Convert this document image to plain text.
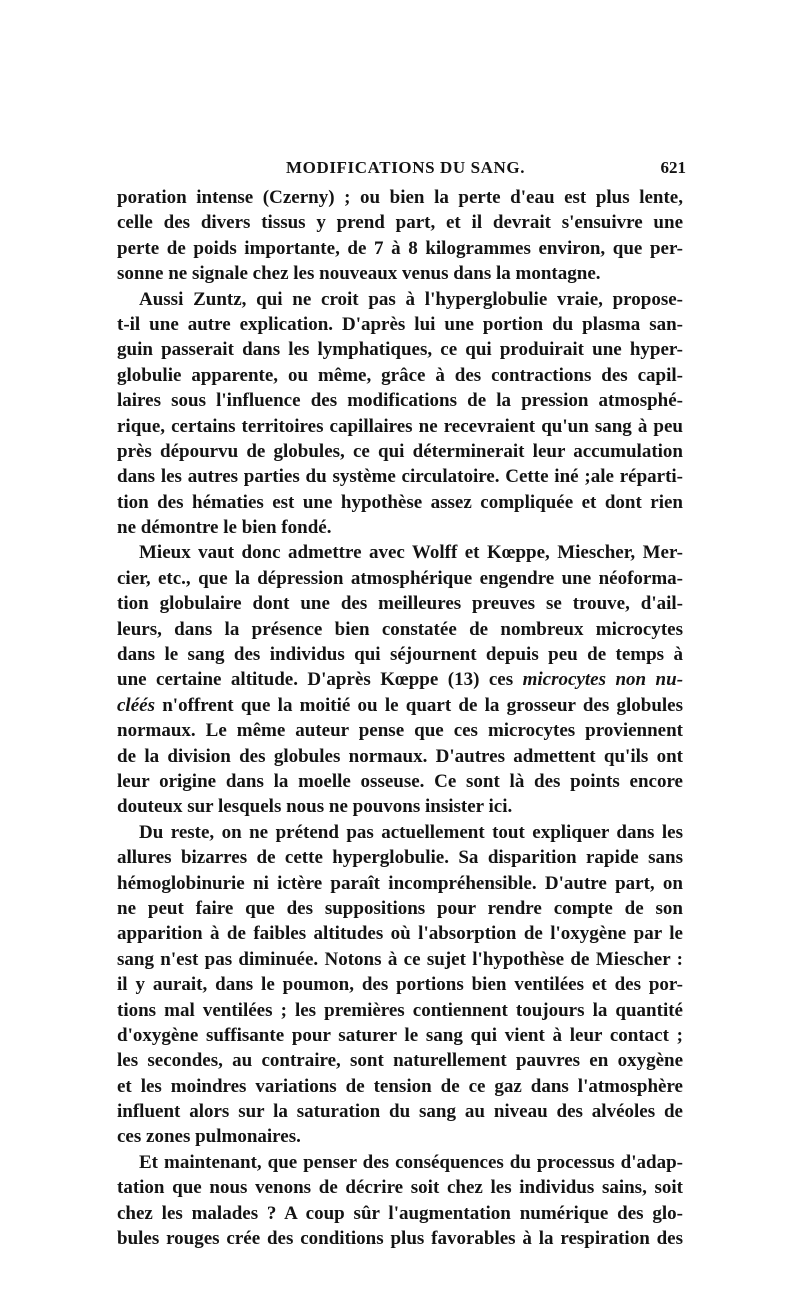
MODIFICATIONS DU SANG.	621
poration intense (Czerny) ; ou bien la perte d'eau est plus lente,
celle des divers tissus y prend part, et il devrait s'ensuivre une
perte de poids importante, de 7 à 8 kilogrammes environ, que per-
sonne ne signale chez les nouveaux venus dans la montagne.
Aussi Zuntz, qui ne croit pas à l'hyperglobulie vraie, propose-
t-il une autre explication. D'après lui une portion du plasma san-
guin passerait dans les lymphatiques, ce qui produirait une hyper-
globulie apparente, ou même, grâce à des contractions des capil-
laires sous l'influence des modifications de la pression atmosphé-
rique, certains territoires capillaires ne recevraient qu'un sang à peu
près dépourvu de globules, ce qui déterminerait leur accumulation
dans les autres parties du système circulatoire. Cette iné ;ale réparti-
tion des hématies est une hypothèse assez compliquée et dont rien
ne démontre le bien fondé.
Mieux vaut donc admettre avec Wolff et Kœppe, Miescher, Mer-
cier, etc., que la dépression atmosphérique engendre une néoforma-
tion globulaire dont une des meilleures preuves se trouve, d'ail-
leurs, dans la présence bien constatée de nombreux microcytes
dans le sang des individus qui séjournent depuis peu de temps à
une certaine altitude. D'après Kœppe (13) ces microcytes non nu-
cléés n'offrent que la moitié ou le quart de la grosseur des globules
normaux. Le même auteur pense que ces microcytes proviennent
de la division des globules normaux. D'autres admettent qu'ils ont
leur origine dans la moelle osseuse. Ce sont là des points encore
douteux sur lesquels nous ne pouvons insister ici.
Du reste, on ne prétend pas actuellement tout expliquer dans les
allures bizarres de cette hyperglobulie. Sa disparition rapide sans
hémoglobinurie ni ictère paraît incompréhensible. D'autre part, on
ne peut faire que des suppositions pour rendre compte de son
apparition à de faibles altitudes où l'absorption de l'oxygène par le
sang n'est pas diminuée. Notons à ce sujet l'hypothèse de Miescher :
il y aurait, dans le poumon, des portions bien ventilées et des por-
tions mal ventilées ; les premières contiennent toujours la quantité
d'oxygène suffisante pour saturer le sang qui vient à leur contact ;
les secondes, au contraire, sont naturellement pauvres en oxygène
et les moindres variations de tension de ce gaz dans l'atmosphère
influent alors sur la saturation du sang au niveau des alvéoles de
ces zones pulmonaires.
Et maintenant, que penser des conséquences du processus d'adap-
tation que nous venons de décrire soit chez les individus sains, soit
chez les malades ? A coup sûr l'augmentation numérique des glo-
bules rouges crée des conditions plus favorables à la respiration des
